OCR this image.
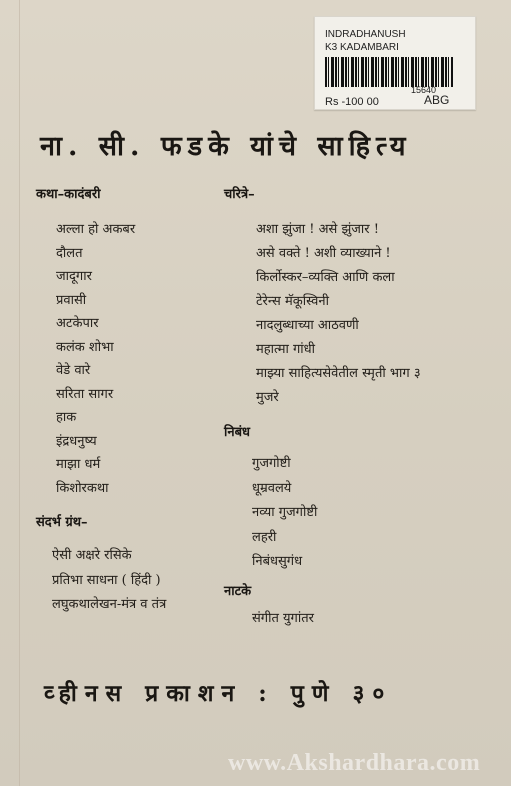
INDRADHANUSH
K3 KADAMBARI
15640
Rs -100 00	ABG
ना. सी. फडके यांचे साहित्य

कथा–कादंबरी

अल्ला हो अकबर
दौलत
जादूगार
प्रवासी
अटकेपार
कलंक शोभा
वेडे वारे
सरिता सागर
हाक
इंद्रधनुष्य
माझा धर्म
किशोरकथा

संदर्भ ग्रंथ–

ऐसी अक्षरे रसिके
प्रतिभा साधना ( हिंदी )
लघुकथालेखन-मंत्र व तंत्र

चरित्रे–

अशा झुंजा ! असे झुंजार !
असे वक्ते ! अशी व्याख्याने !
किर्लोस्कर–व्यक्ति आणि कला
टेरेन्स मॅकूस्विनी
नादलुब्धाच्या आठवणी
महात्मा गांधी
माझ्या साहित्यसेवेतील स्मृती भाग ३
मुजरे

निबंध

गुजगोष्टी
धूम्रवलये
नव्या गुजगोष्टी
लहरी
निबंधसुगंध

नाटके

संगीत युगांतर
व्हीनस प्रकाशन : पुणे ३०
www.Akshardhara.com
